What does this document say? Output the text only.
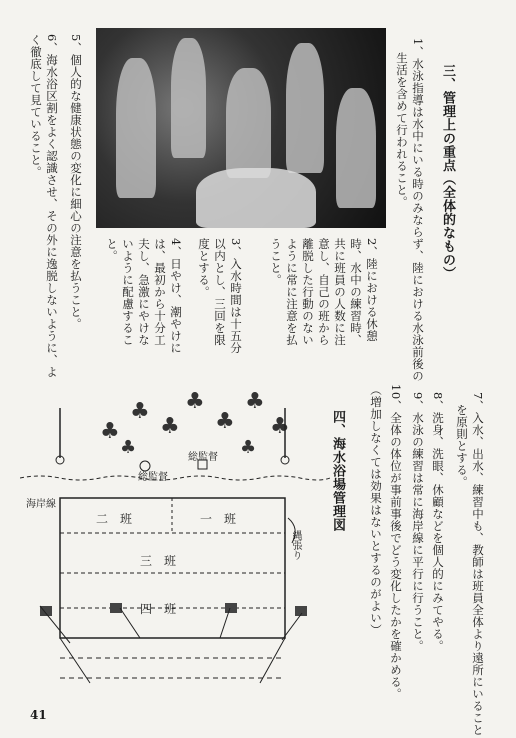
三、管理上の重点（全体的なもの）
1、水泳指導は水中にいる時のみならず、陸における水泳前後の
生活を含めて行われること。
2、陸における休憩
時、水中の練習時、
共に班員の人数に注
意し、自己の班から
離脱した行動のない
ように常に注意を払
うこと。
3、入水時間は十五分
以内とし、三回を限
度とする。
4、日やけ、潮やけに
は、最初から十分工
夫し、急激にやけな
いように配慮するこ
と。
5、個人的な健康状態の変化に細心の注意を払うこと。
6、海水浴区割をよく認識させ、その外に逸脱しないように、よ
く徹底して見ていること。
7、入水、出水、練習中も、教師は班員全体より遠所にいること
を原則とする。
8、洗身、洗眼、休顧などを個人的にみてやる。
9、水泳の練習は常に海岸線に平行に行うこと。
10、全体の体位が事前事後でどう変化したかを確かめる。
（増加しなくては効果はないとするのがよい）
四、海水浴場管理図
♣
♣
♣
♣
♣
♣
♣
♣	♣
総監督
総監督
海岸線
縄張り
二　班	一　班
三　班
四　班
41
